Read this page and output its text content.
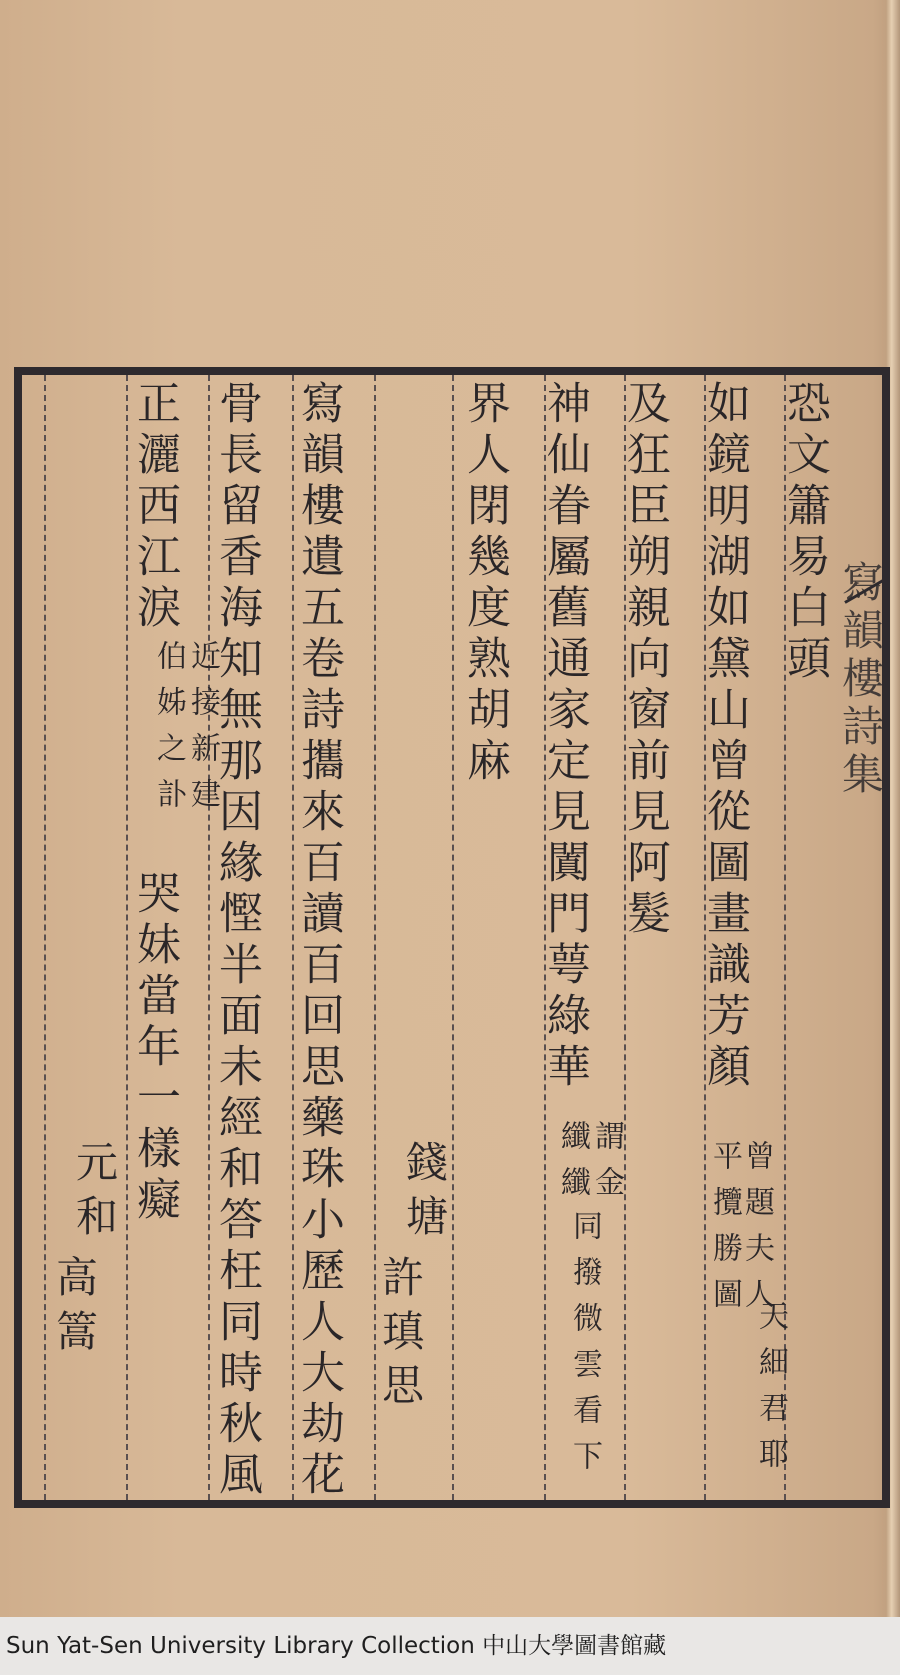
寫韻樓詩集
恐文簫易白頭
如鏡明湖如黛山曾從圖畫識芳顏
及狂臣朔親向窗前見阿髮
神仙眷屬舊通家定見闐門萼綠華
界人閉幾度熟胡麻
寫韻樓遺五卷詩攜來百讀百回思藥珠小歷人大劫花
骨長留香海知無那因緣慳半面未經和答枉同時秋風
正灑西江淚
哭妹當年一樣癡
曾題夫人
平攬勝圖
天細君耶
謂金
纖纖
同撥微雲看下
近接新建
伯姊之訃
錢塘
許瑱思
元和
高篙
Sun Yat-Sen University Library Collection 中山大學圖書館藏
